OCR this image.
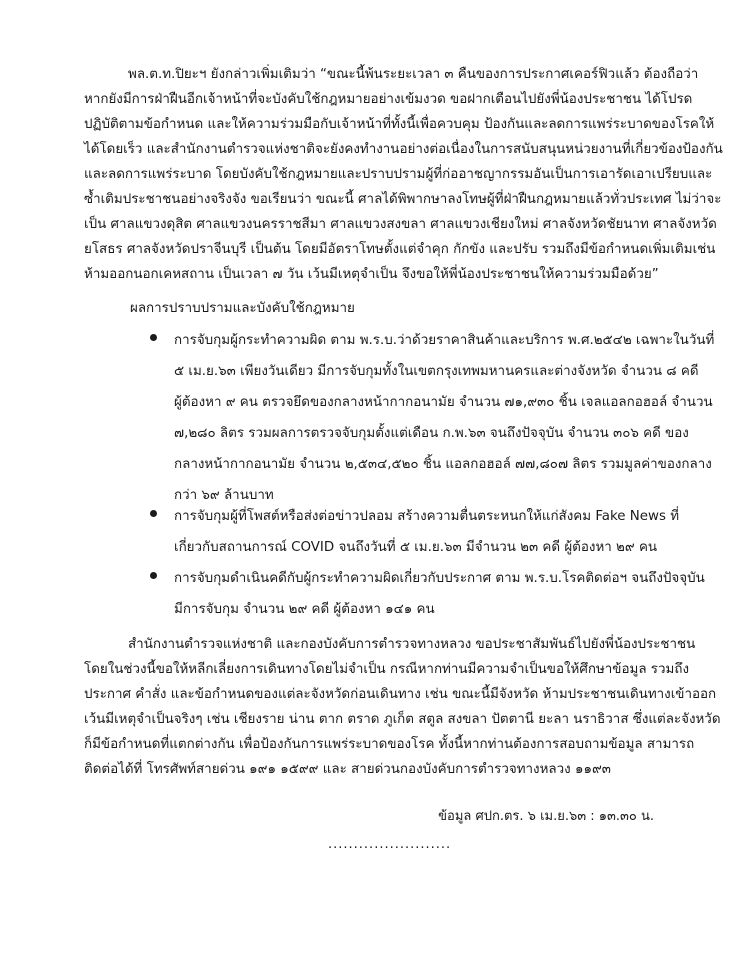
พล.ต.ท.ปิยะฯ ยังกล่าวเพิ่มเติมว่า “ขณะนี้พ้นระยะเวลา ๓ คืนของการประกาศเคอร์ฟิวแล้ว ต้องถือว่า
หากยังมีการฝ่าฝืนอีกเจ้าหน้าที่จะบังคับใช้กฎหมายอย่างเข้มงวด ขอฝากเตือนไปยังพี่น้องประชาชน ได้โปรด
ปฏิบัติตามข้อกำหนด และให้ความร่วมมือกับเจ้าหน้าที่ทั้งนี้เพื่อควบคุม ป้องกันและลดการแพร่ระบาดของโรคให้
ได้โดยเร็ว และสำนักงานตำรวจแห่งชาติจะยังคงทำงานอย่างต่อเนื่องในการสนับสนุนหน่วยงานที่เกี่ยวข้องป้องกัน
และลดการแพร่ระบาด โดยบังคับใช้กฎหมายและปราบปรามผู้ที่ก่ออาชญากรรมอันเป็นการเอารัดเอาเปรียบและ
ซ้ำเติมประชาชนอย่างจริงจัง ขอเรียนว่า ขณะนี้ ศาลได้พิพากษาลงโทษผู้ที่ฝ่าฝืนกฎหมายแล้วทั่วประเทศ ไม่ว่าจะ
เป็น ศาลแขวงดุสิต ศาลแขวงนครราชสีมา ศาลแขวงสงขลา ศาลแขวงเชียงใหม่ ศาลจังหวัดชัยนาท ศาลจังหวัด
ยโสธร ศาลจังหวัดปราจีนบุรี เป็นต้น โดยมีอัตราโทษตั้งแต่จำคุก กักขัง และปรับ รวมถึงมีข้อกำหนดเพิ่มเติมเช่น
ห้ามออกนอกเคหสถาน เป็นเวลา ๗ วัน เว้นมีเหตุจำเป็น จึงขอให้พี่น้องประชาชนให้ความร่วมมือด้วย”
ผลการปราบปรามและบังคับใช้กฎหมาย
การจับกุมผู้กระทำความผิด ตาม พ.ร.บ.ว่าด้วยราคาสินค้าและบริการ พ.ศ.๒๕๔๒ เฉพาะในวันที่
๕ เม.ย.๖๓ เพียงวันเดียว มีการจับกุมทั้งในเขตกรุงเทพมหานครและต่างจังหวัด จำนวน ๘ คดี
ผู้ต้องหา ๙ คน ตรวจยึดของกลางหน้ากากอนามัย จำนวน ๗๑,๙๓๐ ชิ้น เจลแอลกอฮอล์ จำนวน
๗,๒๘๐ ลิตร รวมผลการตรวจจับกุมตั้งแต่เดือน ก.พ.๖๓ จนถึงปัจจุบัน จำนวน ๓๐๖ คดี ของ
กลางหน้ากากอนามัย จำนวน ๒,๕๓๔,๕๒๐ ชิ้น แอลกอฮอล์ ๗๗,๘๐๗ ลิตร รวมมูลค่าของกลาง
กว่า ๖๙ ล้านบาท
การจับกุมผู้ที่โพสต์หรือส่งต่อข่าวปลอม สร้างความตื่นตระหนกให้แก่สังคม Fake News ที่
เกี่ยวกับสถานการณ์ COVID จนถึงวันที่ ๕ เม.ย.๖๓ มีจำนวน ๒๓ คดี ผู้ต้องหา ๒๙ คน
การจับกุมดำเนินคดีกับผู้กระทำความผิดเกี่ยวกับประกาศ ตาม พ.ร.บ.โรคติดต่อฯ จนถึงปัจจุบัน
มีการจับกุม จำนวน ๒๙ คดี ผู้ต้องหา ๑๔๑ คน
สำนักงานตำรวจแห่งชาติ และกองบังคับการตำรวจทางหลวง ขอประชาสัมพันธ์ไปยังพี่น้องประชาชน
โดยในช่วงนี้ขอให้หลีกเลี่ยงการเดินทางโดยไม่จำเป็น กรณีหากท่านมีความจำเป็นขอให้ศึกษาข้อมูล รวมถึง
ประกาศ คำสั่ง และข้อกำหนดของแต่ละจังหวัดก่อนเดินทาง เช่น ขณะนี้มีจังหวัด ห้ามประชาชนเดินทางเข้าออก
เว้นมีเหตุจำเป็นจริงๆ เช่น เชียงราย น่าน ตาก ตราด ภูเก็ต สตูล สงขลา ปัตตานี ยะลา นราธิวาส ซึ่งแต่ละจังหวัด
ก็มีข้อกำหนดที่แตกต่างกัน เพื่อป้องกันการแพร่ระบาดของโรค ทั้งนี้หากท่านต้องการสอบถามข้อมูล สามารถ
ติดต่อได้ที่ โทรศัพท์สายด่วน ๑๙๑ ๑๕๙๙ และ สายด่วนกองบังคับการตำรวจทางหลวง ๑๑๙๓
ข้อมูล ศปก.ตร. ๖ เม.ย.๖๓ : ๑๓.๓๐ น.
........................
